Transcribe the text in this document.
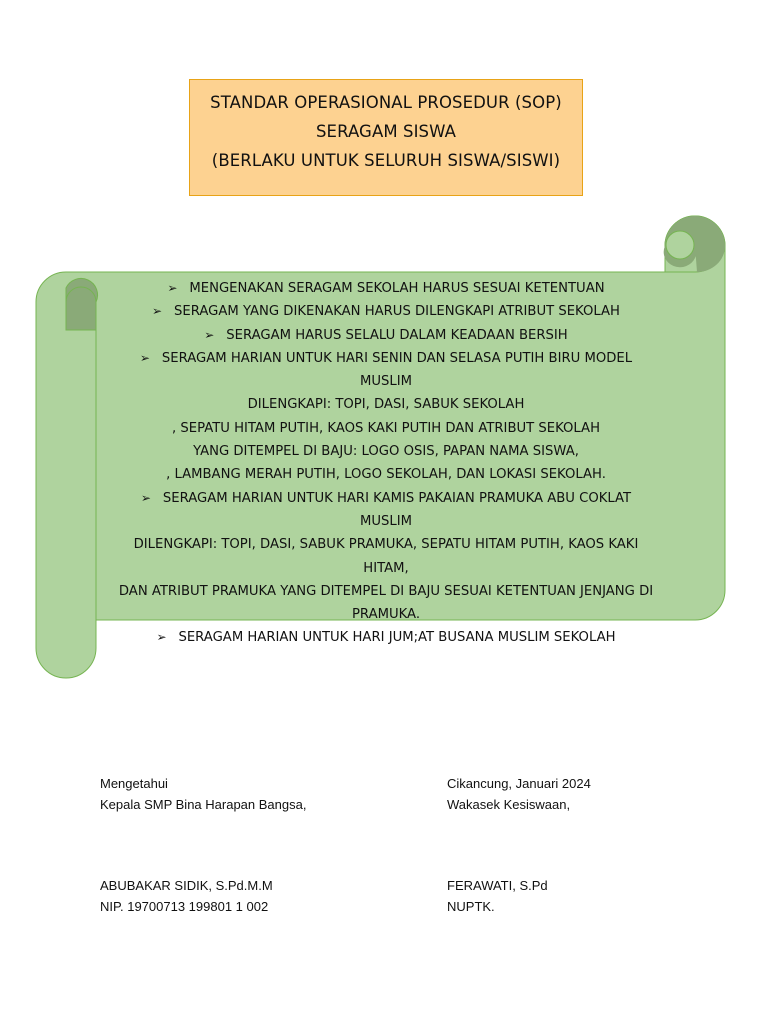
STANDAR OPERASIONAL PROSEDUR (SOP)
SERAGAM SISWA
(BERLAKU UNTUK SELURUH SISWA/SISWI)
➢ MENGENAKAN SERAGAM SEKOLAH HARUS SESUAI KETENTUAN
➢ SERAGAM YANG DIKENAKAN HARUS DILENGKAPI ATRIBUT SEKOLAH
➢ SERAGAM HARUS SELALU DALAM KEADAAN BERSIH
➢ SERAGAM HARIAN UNTUK HARI SENIN DAN SELASA PUTIH BIRU MODEL
MUSLIM
DILENGKAPI: TOPI, DASI, SABUK SEKOLAH
, SEPATU HITAM PUTIH, KAOS KAKI PUTIH DAN ATRIBUT SEKOLAH
YANG DITEMPEL DI BAJU: LOGO OSIS, PAPAN NAMA SISWA,
, LAMBANG MERAH PUTIH, LOGO SEKOLAH, DAN LOKASI SEKOLAH.
➢ SERAGAM HARIAN UNTUK HARI KAMIS PAKAIAN PRAMUKA ABU COKLAT
MUSLIM
DILENGKAPI: TOPI, DASI, SABUK PRAMUKA, SEPATU HITAM PUTIH, KAOS KAKI
HITAM,
DAN ATRIBUT PRAMUKA YANG DITEMPEL DI BAJU SESUAI KETENTUAN JENJANG DI
PRAMUKA.
➢ SERAGAM HARIAN UNTUK HARI JUM;AT BUSANA MUSLIM SEKOLAH
Mengetahui
Kepala SMP Bina Harapan Bangsa,
ABUBAKAR SIDIK, S.Pd.M.M
NIP. 19700713 199801 1 002
Cikancung, Januari 2024
Wakasek Kesiswaan,
FERAWATI, S.Pd
NUPTK.
